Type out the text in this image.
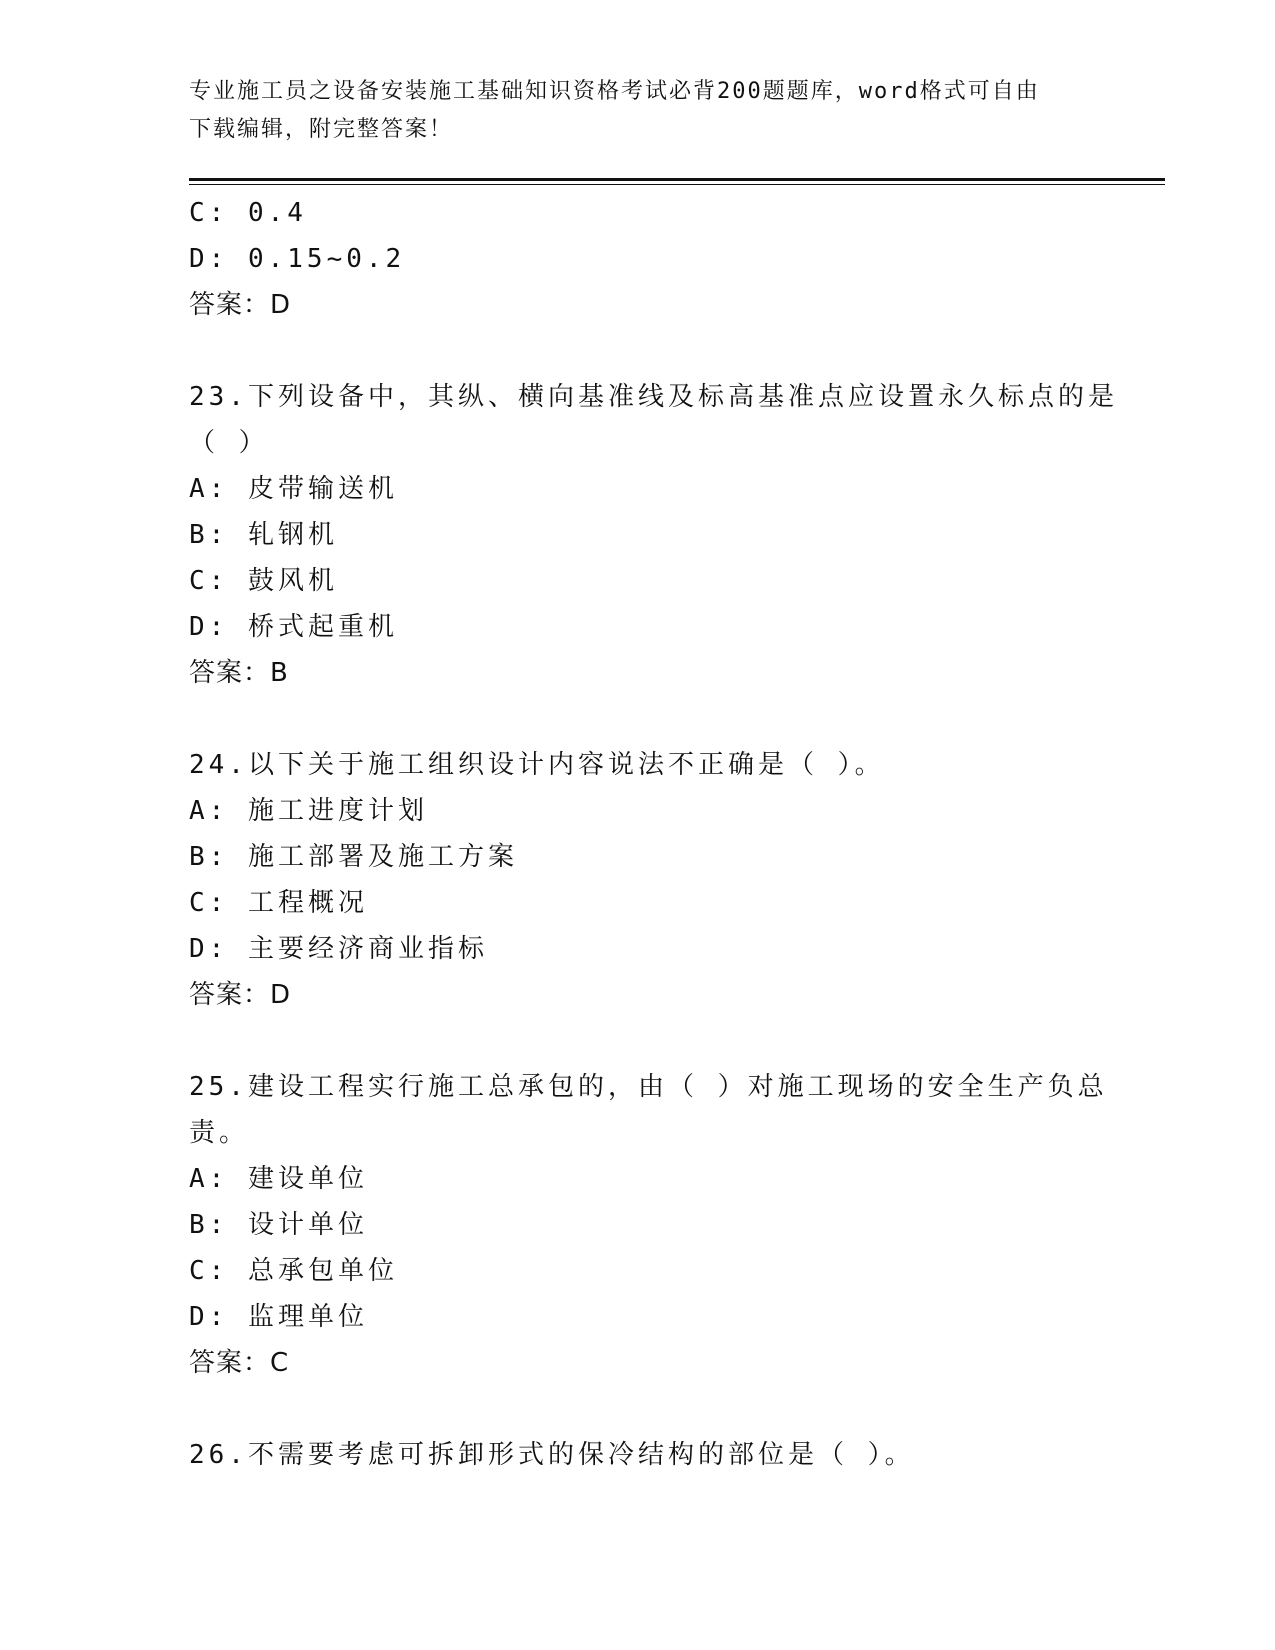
专业施工员之设备安装施工基础知识资格考试必背200题题库，word格式可自由
下载编辑，附完整答案！
C: 0.4
D: 0.15~0.2
答案：D
23.下列设备中，其纵、横向基准线及标高基准点应设置永久标点的是
（ ）
A: 皮带输送机
B: 轧钢机
C: 鼓风机
D: 桥式起重机
答案：B
24.以下关于施工组织设计内容说法不正确是（ ）。
A: 施工进度计划
B: 施工部署及施工方案
C: 工程概况
D: 主要经济商业指标
答案：D
25.建设工程实行施工总承包的，由（ ）对施工现场的安全生产负总
责。
A: 建设单位
B: 设计单位
C: 总承包单位
D: 监理单位
答案：C
26.不需要考虑可拆卸形式的保冷结构的部位是（ ）。
